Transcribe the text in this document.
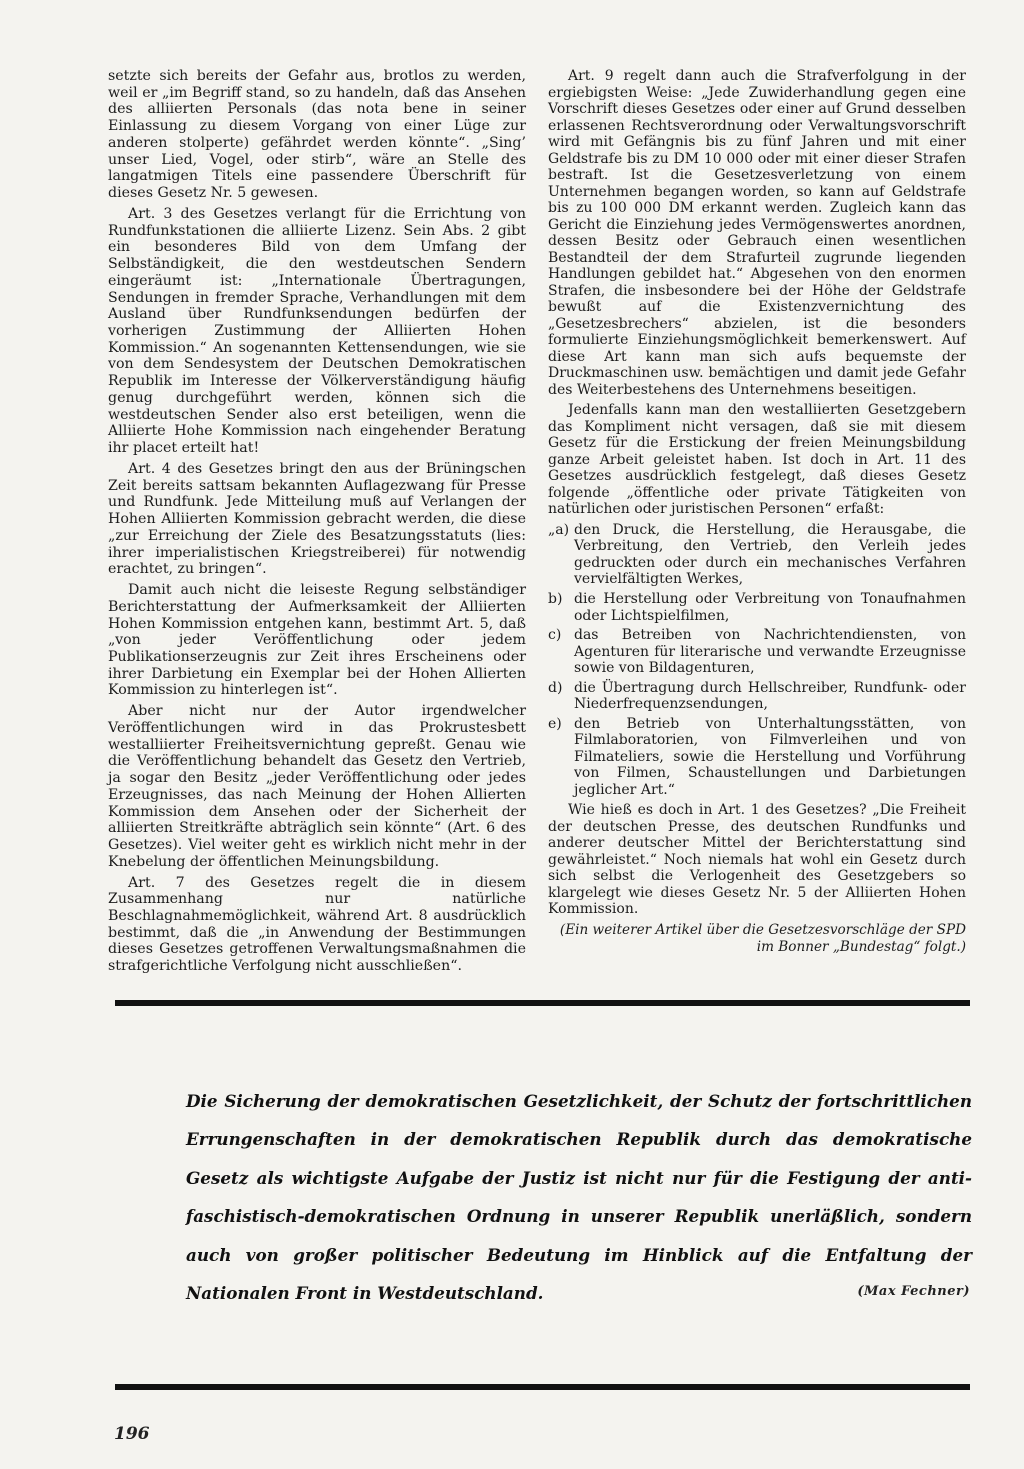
setzte sich bereits der Gefahr aus, brotlos zu werden, weil er „im Begriff stand, so zu handeln, daß das Ansehen des alliierten Personals (das nota bene in seiner Einlassung zu diesem Vorgang von einer Lüge zur anderen stolperte) gefährdet werden könnte“. „Sing’ unser Lied, Vogel, oder stirb“, wäre an Stelle des langatmigen Titels eine passendere Überschrift für dieses Gesetz Nr. 5 gewesen.

Art. 3 des Gesetzes verlangt für die Errichtung von Rundfunkstationen die alliierte Lizenz. Sein Abs. 2 gibt ein besonderes Bild von dem Umfang der Selbständigkeit, die den westdeutschen Sendern eingeräumt ist: „Internationale Übertragungen, Sendungen in fremder Sprache, Verhandlungen mit dem Ausland über Rundfunksendungen bedürfen der vorherigen Zustimmung der Alliierten Hohen Kommission.“ An sogenannten Kettensendungen, wie sie von dem Sendesystem der Deutschen Demokratischen Republik im Interesse der Völkerverständigung häufig genug durchgeführt werden, können sich die westdeutschen Sender also erst beteiligen, wenn die Alliierte Hohe Kommission nach eingehender Beratung ihr placet erteilt hat!

Art. 4 des Gesetzes bringt den aus der Brüningschen Zeit bereits sattsam bekannten Auflagezwang für Presse und Rundfunk. Jede Mitteilung muß auf Verlangen der Hohen Alliierten Kommission gebracht werden, die diese „zur Erreichung der Ziele des Besatzungsstatuts (lies: ihrer imperialistischen Kriegstreiberei) für notwendig erachtet, zu bringen“.

Damit auch nicht die leiseste Regung selbständiger Berichterstattung der Aufmerksamkeit der Alliierten Hohen Kommission entgehen kann, bestimmt Art. 5, daß „von jeder Veröffentlichung oder jedem Publikationserzeugnis zur Zeit ihres Erscheinens oder ihrer Darbietung ein Exemplar bei der Hohen Allierten Kommission zu hinterlegen ist“.

Aber nicht nur der Autor irgendwelcher Veröffentlichungen wird in das Prokrustesbett westalliierter Freiheitsvernichtung gepreßt. Genau wie die Veröffentlichung behandelt das Gesetz den Vertrieb, ja sogar den Besitz „jeder Veröffentlichung oder jedes Erzeugnisses, das nach Meinung der Hohen Allierten Kommission dem Ansehen oder der Sicherheit der alliierten Streitkräfte abträglich sein könnte“ (Art. 6 des Gesetzes). Viel weiter geht es wirklich nicht mehr in der Knebelung der öffentlichen Meinungsbildung.

Art. 7 des Gesetzes regelt die in diesem Zusammenhang nur natürliche Beschlagnahmemöglichkeit, während Art. 8 ausdrücklich bestimmt, daß die „in Anwendung der Bestimmungen dieses Gesetzes getroffenen Verwaltungsmaßnahmen die strafgerichtliche Verfolgung nicht ausschließen“.

Art. 9 regelt dann auch die Strafverfolgung in der ergiebigsten Weise: „Jede Zuwiderhandlung gegen eine Vorschrift dieses Gesetzes oder einer auf Grund desselben erlassenen Rechtsverordnung oder Verwaltungsvorschrift wird mit Gefängnis bis zu fünf Jahren und mit einer Geldstrafe bis zu DM 10 000 oder mit einer dieser Strafen bestraft. Ist die Gesetzesverletzung von einem Unternehmen begangen worden, so kann auf Geldstrafe bis zu 100 000 DM erkannt werden. Zugleich kann das Gericht die Einziehung jedes Vermögenswertes anordnen, dessen Besitz oder Gebrauch einen wesentlichen Bestandteil der dem Strafurteil zugrunde liegenden Handlungen gebildet hat.“ Abgesehen von den enormen Strafen, die insbesondere bei der Höhe der Geldstrafe bewußt auf die Existenzvernichtung des „Gesetzesbrechers“ abzielen, ist die besonders formulierte Einziehungsmöglichkeit bemerkenswert. Auf diese Art kann man sich aufs bequemste der Druckmaschinen usw. bemächtigen und damit jede Gefahr des Weiterbestehens des Unternehmens beseitigen.

Jedenfalls kann man den westalliierten Gesetzgebern das Kompliment nicht versagen, daß sie mit diesem Gesetz für die Erstickung der freien Meinungsbildung ganze Arbeit geleistet haben. Ist doch in Art. 11 des Gesetzes ausdrücklich festgelegt, daß dieses Gesetz folgende „öffentliche oder private Tätigkeiten von natürlichen oder juristischen Personen“ erfaßt:

„a) den Druck, die Herstellung, die Herausgabe, die Verbreitung, den Vertrieb, den Verleih jedes gedruckten oder durch ein mechanisches Verfahren vervielfältigten Werkes,
b) die Herstellung oder Verbreitung von Tonaufnahmen oder Lichtspielfilmen,
c) das Betreiben von Nachrichtendiensten, von Agenturen für literarische und verwandte Erzeugnisse sowie von Bildagenturen,
d) die Übertragung durch Hellschreiber, Rundfunk- oder Niederfrequenzsendungen,
e) den Betrieb von Unterhaltungsstätten, von Filmlaboratorien, von Filmverleihen und von Filmateliers, sowie die Herstellung und Vorführung von Filmen, Schaustellungen und Darbietungen jeglicher Art.“

Wie hieß es doch in Art. 1 des Gesetzes? „Die Freiheit der deutschen Presse, des deutschen Rundfunks und anderer deutscher Mittel der Berichterstattung sind gewährleistet.“ Noch niemals hat wohl ein Gesetz durch sich selbst die Verlogenheit des Gesetzgebers so klargelegt wie dieses Gesetz Nr. 5 der Alliierten Hohen Kommission.

(Ein weiterer Artikel über die Gesetzesvorschläge der SPD im Bonner „Bundestag“ folgt.)

Die Sicherung der demokratischen Gesetzlichkeit, der Schutz der fortschrittlichen
Errungenschaften in der demokratischen Republik durch das demokratische
Gesetz als wichtigste Aufgabe der Justiz ist nicht nur für die Festigung der anti-
faschistisch-demokratischen Ordnung in unserer Republik unerläßlich, sondern
auch von großer politischer Bedeutung im Hinblick auf die Entfaltung der
Nationalen Front in Westdeutschland.	(Max Fechner)
196
